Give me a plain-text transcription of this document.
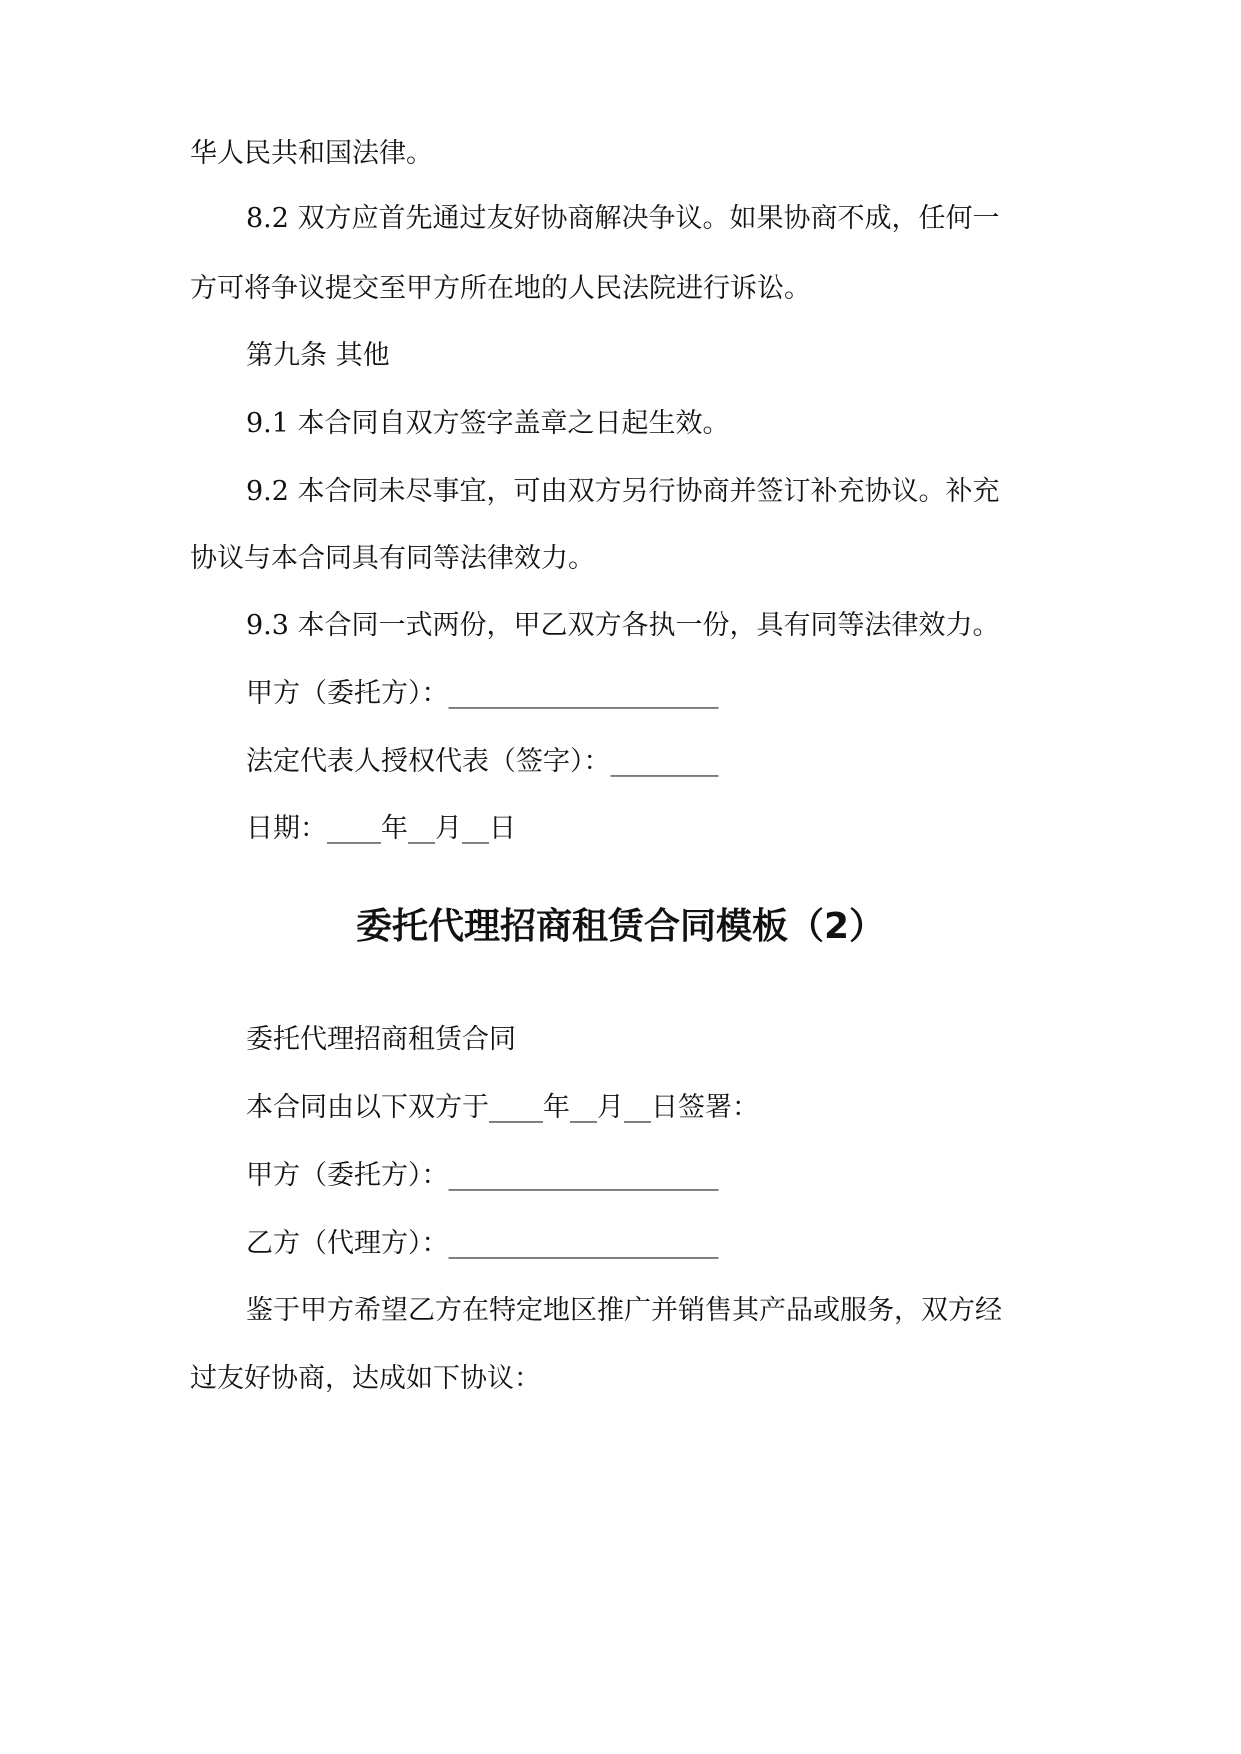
华人民共和国法律。
8.2 双方应首先通过友好协商解决争议。如果协商不成，任何一
方可将争议提交至甲方所在地的人民法院进行诉讼。
第九条 其他
9.1 本合同自双方签字盖章之日起生效。
9.2 本合同未尽事宜，可由双方另行协商并签订补充协议。补充
协议与本合同具有同等法律效力。
9.3 本合同一式两份，甲乙双方各执一份，具有同等法律效力。
甲方（委托方）：____________________
法定代表人授权代表（签字）：________
日期：____年__月__日
委托代理招商租赁合同模板（2）
委托代理招商租赁合同
本合同由以下双方于____年__月__日签署：
甲方（委托方）：____________________
乙方（代理方）：____________________
鉴于甲方希望乙方在特定地区推广并销售其产品或服务，双方经
过友好协商，达成如下协议：
